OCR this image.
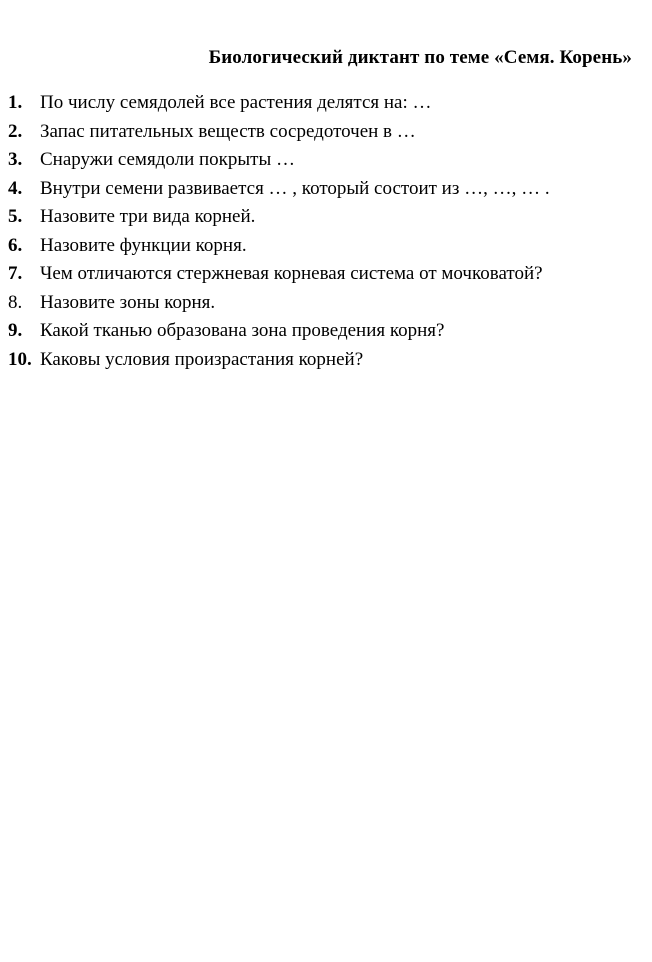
Биологический диктант по теме «Семя. Корень»
1. По числу семядолей все растения делятся на: …
2. Запас питательных веществ сосредоточен в …
3. Снаружи семядоли покрыты …
4. Внутри семени развивается … , который состоит из …, …, … .
5. Назовите три вида корней.
6. Назовите функции корня.
7. Чем отличаются стержневая корневая система от мочковатой?
8. Назовите зоны корня.
9. Какой тканью образована зона проведения корня?
10. Каковы условия произрастания корней?
